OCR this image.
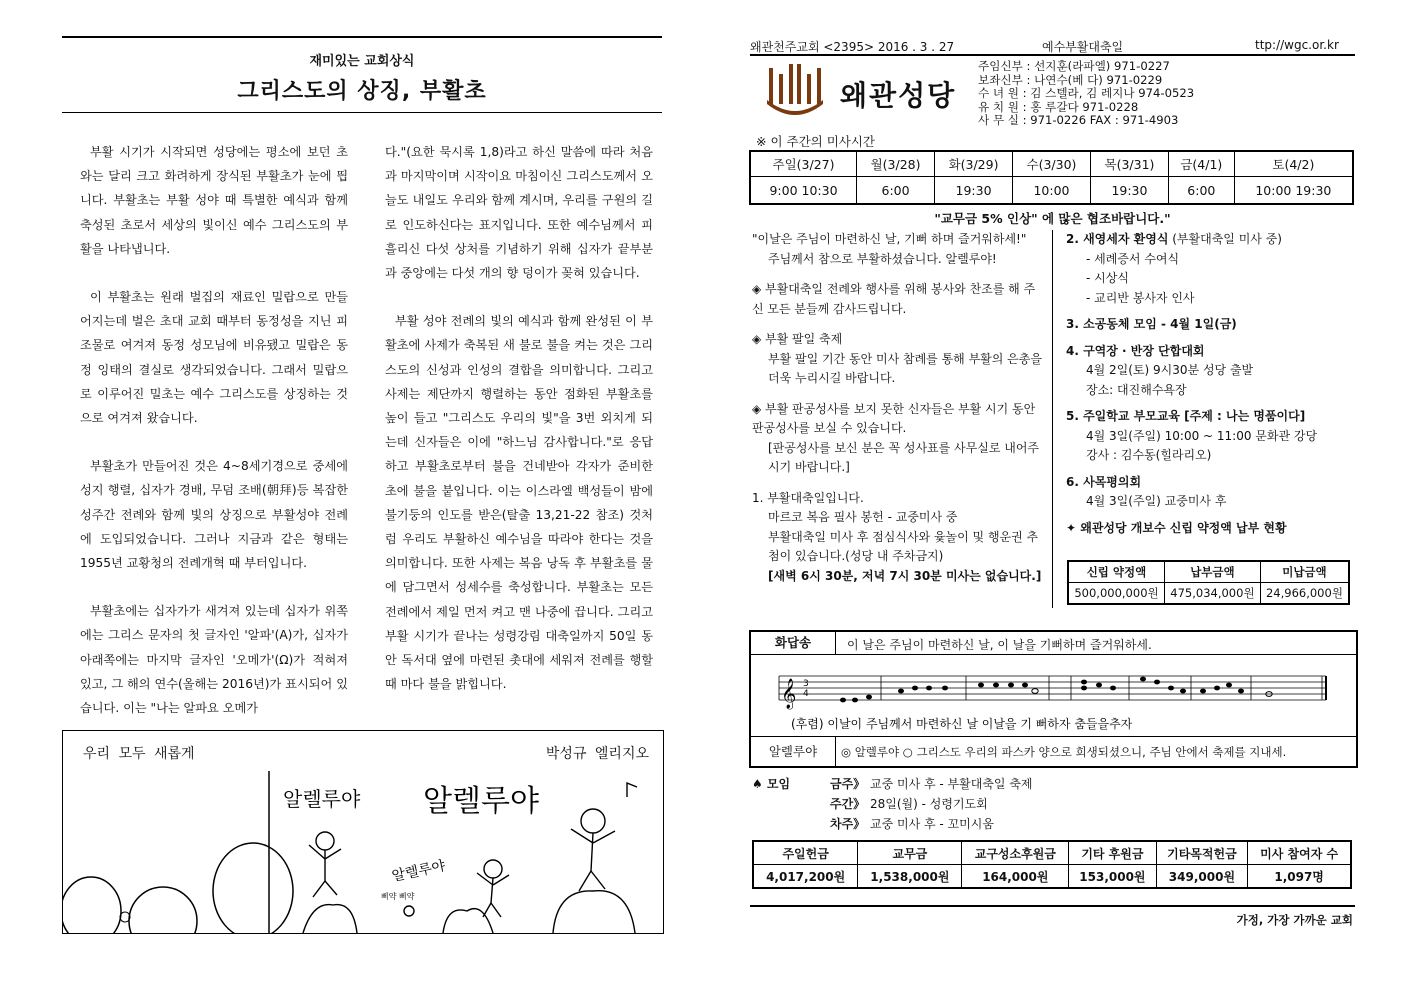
재미있는 교회상식
그리스도의 상징, 부활초

부활 시기가 시작되면 성당에는 평소에 보던 초와는 달리 크고 화려하게 장식된 부활초가 눈에 띕니다. 부활초는 부활 성야 때 특별한 예식과 함께 축성된 초로서 세상의 빛이신 예수 그리스도의 부활을 나타냅니다.

이 부활초는 원래 벌집의 재료인 밀랍으로 만들어지는데 벌은 초대 교회 때부터 동정성을 지닌 피조물로 여겨져 동정 성모님에 비유됐고 밀랍은 동정 잉태의 결실로 생각되었습니다. 그래서 밀랍으로 이루어진 밀초는 예수 그리스도를 상징하는 것으로 여겨져 왔습니다.

부활초가 만들어진 것은 4~8세기경으로 중세에 성지 행렬, 십자가 경배, 무덤 조배(朝拜)등 복잡한 성주간 전례와 함께 빛의 상징으로 부활성야 전례에 도입되었습니다. 그러나 지금과 같은 형태는 1955년 교황청의 전례개혁 때 부터입니다.

부활초에는 십자가가 새겨져 있는데 십자가 위쪽에는 그리스 문자의 첫 글자인 '알파'(A)가, 십자가 아래쪽에는 마지막 글자인 '오메가'(Ω)가 적혀져 있고, 그 해의 연수(올해는 2016년)가 표시되어 있습니다. 이는 "나는 알파요 오메가

다."(요한 묵시록 1,8)라고 하신 말씀에 따라 처음과 마지막이며 시작이요 마침이신 그리스도께서 오늘도 내일도 우리와 함께 계시며, 우리를 구원의 길로 인도하신다는 표지입니다. 또한 예수님께서 피 흘리신 다섯 상처를 기념하기 위해 십자가 끝부분과 중앙에는 다섯 개의 향 덩이가 꽂혀 있습니다.

부활 성야 전례의 빛의 예식과 함께 완성된 이 부활초에 사제가 축복된 새 불로 불을 켜는 것은 그리스도의 신성과 인성의 결합을 의미합니다. 그리고 사제는 제단까지 행렬하는 동안 점화된 부활초를 높이 들고 "그리스도 우리의 빛"을 3번 외치게 되는데 신자들은 이에 "하느님 감사합니다."로 응답하고 부활초로부터 불을 건네받아 각자가 준비한 초에 불을 붙입니다. 이는 이스라엘 백성들이 밤에 불기둥의 인도를 받은(탈출 13,21-22 참조) 것처럼 우리도 부활하신 예수님을 따라야 한다는 것을 의미합니다. 또한 사제는 복음 낭독 후 부활초를 물에 담그면서 성세수를 축성합니다. 부활초는 모든 전례에서 제일 먼저 켜고 맨 나중에 끕니다. 그리고 부활 시기가 끝나는 성령강림 대축일까지 50일 동안 독서대 옆에 마련된 촛대에 세워져 전례를 행할 때 마다 불을 밝힙니다.

우리 모두 새롭게	박성규 엘리지오
알렐루야 알렐루야
알렐루야
삐약 삐약
왜관천주교회 <2395> 2016 . 3 . 27	예수부활대축일	ttp://wgc.or.kr
왜관성당
주임신부 : 선지훈(라파엘) 971-0227
보좌신부 : 나연수(베 다) 971-0229
수 녀 원 : 김 스텔라, 김 레지나 974-0523
유 치 원 : 홍 루갈다 971-0228
사 무 실 : 971-0226 FAX : 971-4903
※ 이 주간의 미사시간
주일(3/27)	월(3/28)	화(3/29)	수(3/30)	목(3/31)	금(4/1)	토(4/2)
9:00 10:30	6:00	19:30	10:00	19:30	6:00	10:00 19:30
"교무금 5% 인상" 에 많은 협조바랍니다."
"이날은 주님이 마련하신 날, 기뻐 하며 즐거워하세!"
주님께서 참으로 부활하셨습니다. 알렐루야!
◈ 부활대축일 전례와 행사를 위해 봉사와 찬조를 해 주신 모든 분들께 감사드립니다.
◈ 부활 팔일 축제
부활 팔일 기간 동안 미사 참례를 통해 부활의 은총을 더욱 누리시길 바랍니다.
◈ 부활 판공성사를 보지 못한 신자들은 부활 시기 동안 판공성사를 보실 수 있습니다.
[판공성사를 보신 분은 꼭 성사표를 사무실로 내어주시기 바랍니다.]
1. 부활대축일입니다.
마르코 복음 필사 봉헌 - 교중미사 중
부활대축일 미사 후 점심식사와 윷놀이 및 행운권 추첨이 있습니다.(성당 내 주차금지)
[새벽 6시 30분, 저녁 7시 30분 미사는 없습니다.]
2. 새영세자 환영식 (부활대축일 미사 중)
- 세례증서 수여식
- 시상식
- 교리반 봉사자 인사
3. 소공동체 모임 - 4월 1일(금)
4. 구역장 · 반장 단합대회
4월 2일(토) 9시30분 성당 출발
장소: 대진해수욕장
5. 주일학교 부모교육 [주제 : 나는 명품이다]
4월 3일(주일) 10:00 ~ 11:00 문화관 강당
강사 : 김수동(힐라리오)
6. 사목평의회
4월 3일(주일) 교중미사 후
✦ 왜관성당 개보수 신립 약정액 납부 현황
신립 약정액	납부금액	미납금액
500,000,000원	475,034,000원	24,966,000원
화답송	이 날은 주님이 마련하신 날, 이 날을 기뻐하며 즐거워하세.
𝄞 3
4
(후렴) 이날이 주님께서 마련하신 날 이날을 기 뻐하자 춤들을추자
알렐루야	◎ 알렐루야 ○ 그리스도 우리의 파스카 양으로 희생되셨으니, 주님 안에서 축제를 지내세.
♠ 모임	금주》 교중 미사 후 - 부활대축일 축제
주간》 28일(월) - 성령기도회
차주》 교중 미사 후 - 꼬미시움
주일헌금	교무금	교구성소후원금	기타 후원금	기타목적헌금	미사 참여자 수
4,017,200원	1,538,000원	164,000원	153,000원	349,000원	1,097명
가정, 가장 가까운 교회
